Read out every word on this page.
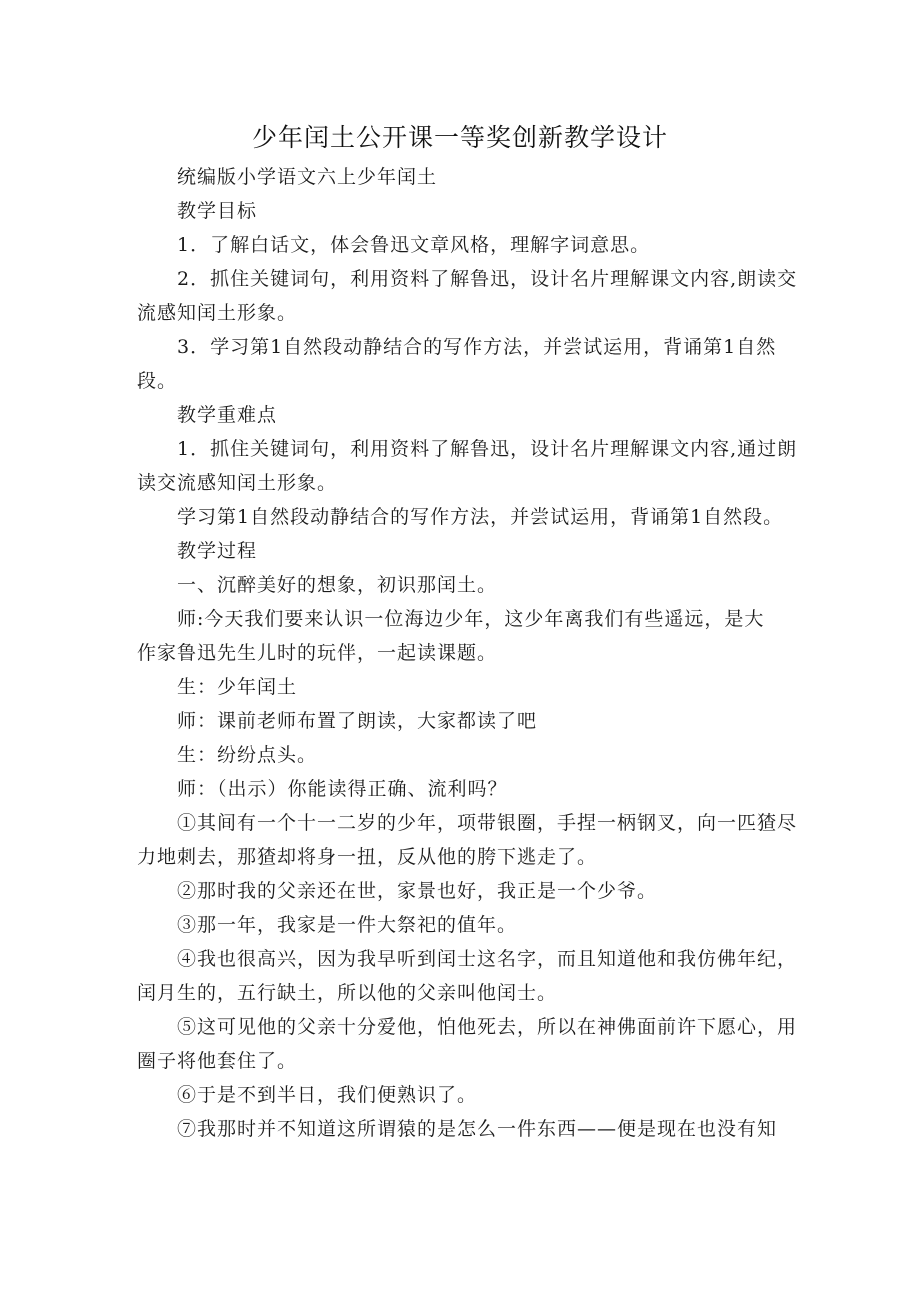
少年闰土公开课一等奖创新教学设计

统编版小学语文六上少年闰土

教学目标

1．了解白话文，体会鲁迅文章风格，理解字词意思。

2．抓住关键词句，利用资料了解鲁迅，设计名片理解课文内容,朗读交流感知闰土形象。

3．学习第1自然段动静结合的写作方法，并尝试运用，背诵第1自然段。

教学重难点

1．抓住关键词句，利用资料了解鲁迅，设计名片理解课文内容,通过朗读交流感知闰土形象。

学习第1自然段动静结合的写作方法，并尝试运用，背诵第1自然段。

教学过程

一、沉醉美好的想象，初识那闰土。

师:今天我们要来认识一位海边少年，这少年离我们有些遥远，是大作家鲁迅先生儿时的玩伴，一起读课题。

生：少年闰土

师：课前老师布置了朗读，大家都读了吧

生：纷纷点头。

师：（出示）你能读得正确、流利吗？

①其间有一个十一二岁的少年，项带银圈，手捏一柄钢叉，向一匹猹尽力地刺去，那猹却将身一扭，反从他的胯下逃走了。

②那时我的父亲还在世，家景也好，我正是一个少爷。

③那一年，我家是一件大祭祀的值年。

④我也很高兴，因为我早听到闰士这名字，而且知道他和我仿佛年纪，闰月生的，五行缺土，所以他的父亲叫他闰士。

⑤这可见他的父亲十分爱他，怕他死去，所以在神佛面前许下愿心，用圈子将他套住了。

⑥于是不到半日，我们便熟识了。

⑦我那时并不知道这所谓猿的是怎么一件东西——便是现在也没有知
